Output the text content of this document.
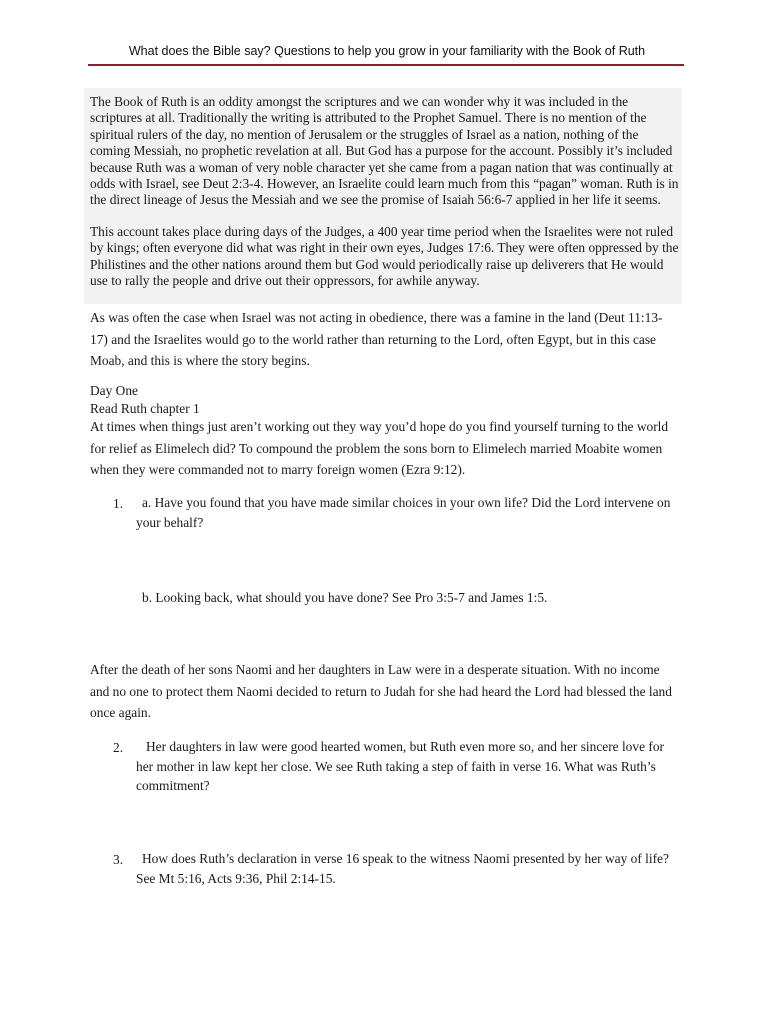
What does the Bible say? Questions to help you grow in your familiarity with the Book of Ruth

The Book of Ruth is an oddity amongst the scriptures and we can wonder why it was included in the scriptures at all. Traditionally the writing is attributed to the Prophet Samuel. There is no mention of the spiritual rulers of the day, no mention of Jerusalem or the struggles of Israel as a nation, nothing of the coming Messiah, no prophetic revelation at all. But God has a purpose for the account. Possibly it’s included because Ruth was a woman of very noble character yet she came from a pagan nation that was continually at odds with Israel, see Deut 2:3-4. However, an Israelite could learn much from this “pagan” woman. Ruth is in the direct lineage of Jesus the Messiah and we see the promise of Isaiah 56:6-7 applied in her life it seems.

This account takes place during days of the Judges, a 400 year time period when the Israelites were not ruled by kings; often everyone did what was right in their own eyes, Judges 17:6. They were often oppressed by the Philistines and the other nations around them but God would periodically raise up deliverers that He would use to rally the people and drive out their oppressors, for awhile anyway.

As was often the case when Israel was not acting in obedience, there was a famine in the land (Deut 11:13-17) and the Israelites would go to the world rather than returning to the Lord, often Egypt, but in this case Moab, and this is where the story begins.

Day One

Read Ruth chapter 1

At times when things just aren’t working out they way you’d hope do you find yourself turning to the world for relief as Elimelech did? To compound the problem the sons born to Elimelech married Moabite women when they were commanded not to marry foreign women (Ezra 9:12).

1.	a. Have you found that you have made similar choices in your own life? Did the Lord intervene on your behalf?

b. Looking back, what should you have done? See Pro 3:5-7 and James 1:5.

After the death of her sons Naomi and her daughters in Law were in a desperate situation. With no income and no one to protect them Naomi decided to return to Judah for she had heard the Lord had blessed the land once again.

2.	Her daughters in law were good hearted women, but Ruth even more so, and her sincere love for her mother in law kept her close. We see Ruth taking a step of faith in verse 16. What was Ruth’s commitment?

3.	How does Ruth’s declaration in verse 16 speak to the witness Naomi presented by her way of life? See Mt 5:16, Acts 9:36, Phil 2:14-15.
